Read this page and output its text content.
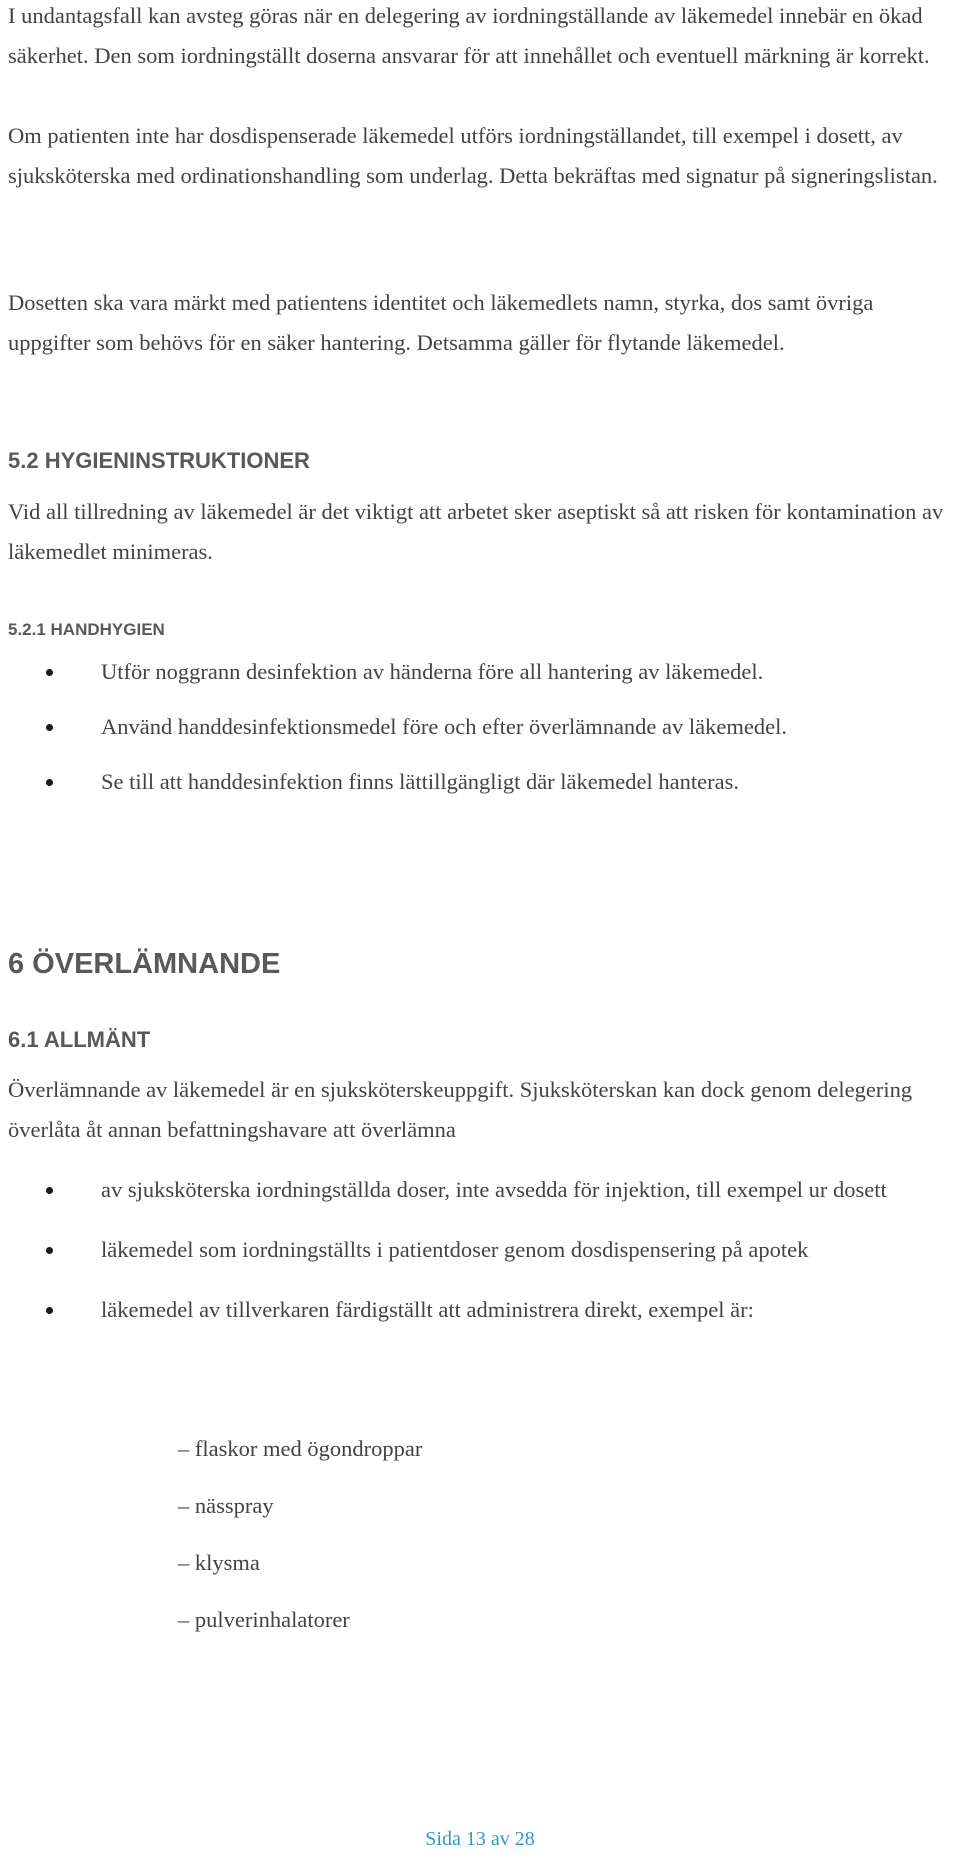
I undantagsfall kan avsteg göras när en delegering av iordningställande av läkemedel innebär en ökad säkerhet. Den som iordningställt doserna ansvarar för att innehållet och eventuell märkning är korrekt.

Om patienten inte har dosdispenserade läkemedel utförs iordningställandet, till exempel i dosett, av sjuksköterska med ordinationshandling som underlag. Detta bekräftas med signatur på signeringslistan.

Dosetten ska vara märkt med patientens identitet och läkemedlets namn, styrka, dos samt övriga uppgifter som behövs för en säker hantering. Detsamma gäller för flytande läkemedel.

5.2 HYGIENINSTRUKTIONER

Vid all tillredning av läkemedel är det viktigt att arbetet sker aseptiskt så att risken för kontamination av läkemedlet minimeras.

5.2.1 HANDHYGIEN
Utför noggrann desinfektion av händerna före all hantering av läkemedel.
Använd handdesinfektionsmedel före och efter överlämnande av läkemedel.
Se till att handdesinfektion finns lättillgängligt där läkemedel hanteras.
6 ÖVERLÄMNANDE
6.1 ALLMÄNT

Överlämnande av läkemedel är en sjuksköterskeuppgift. Sjuksköterskan kan dock genom delegering överlåta åt annan befattningshavare att överlämna

av sjuksköterska iordningställda doser, inte avsedda för injektion, till exempel ur dosett
läkemedel som iordningställts i patientdoser genom dosdispensering på apotek
läkemedel av tillverkaren färdigställt att administrera direkt, exempel är:
– flaskor med ögondroppar
– nässpray
– klysma
– pulverinhalatorer
Sida 13 av 28
